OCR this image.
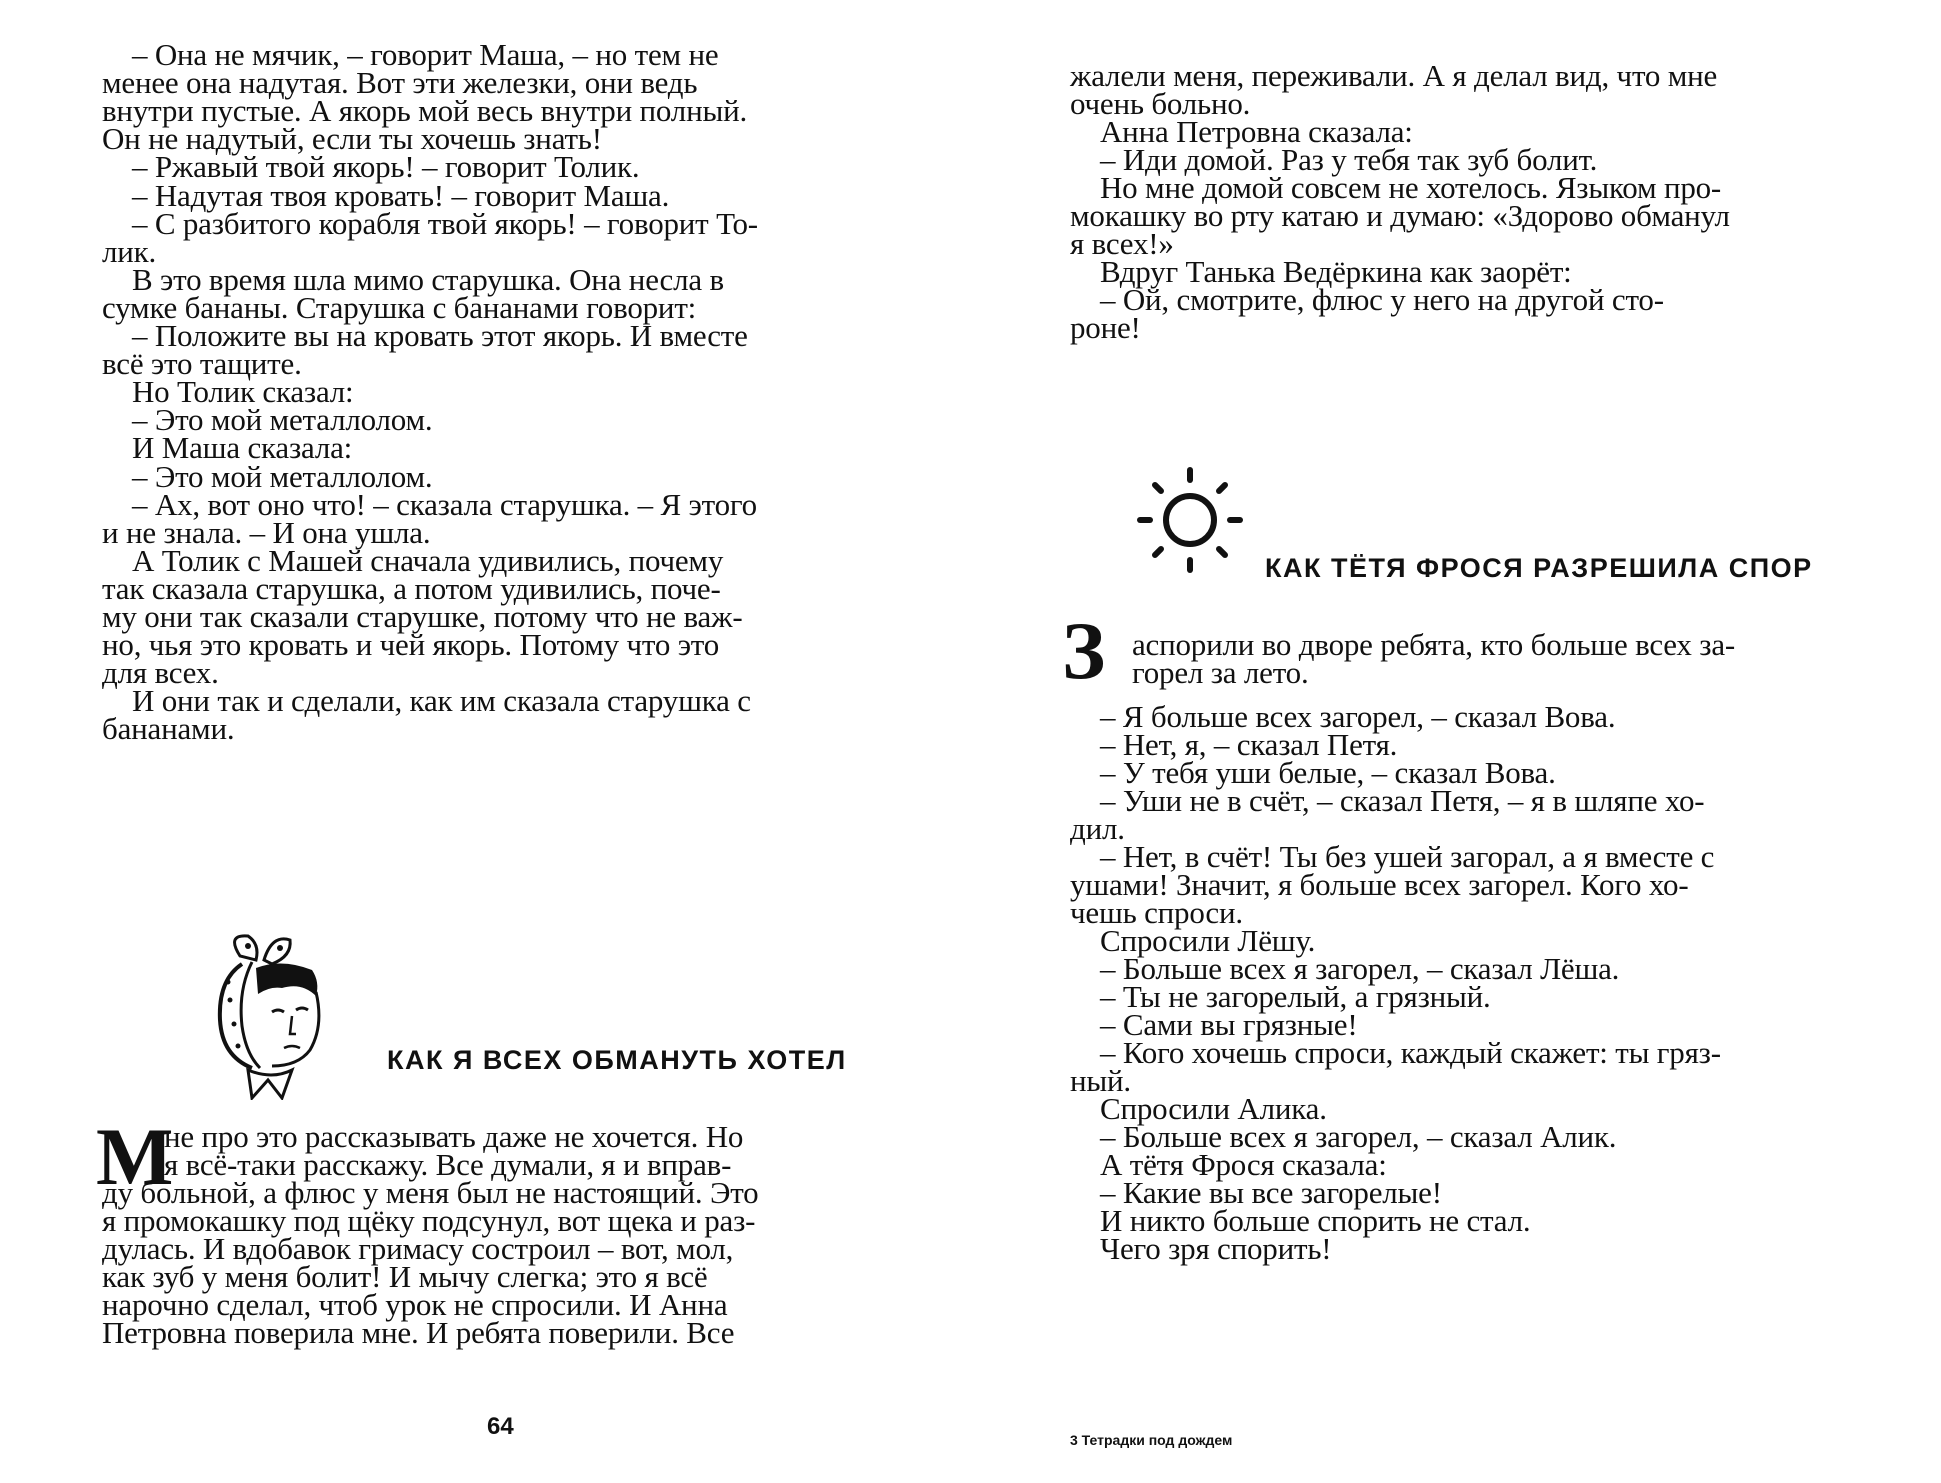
– Она не мячик, – говорит Маша, – но тем не
менее она надутая. Вот эти железки, они ведь
внутри пустые. А якорь мой весь внутри полный.
Он не надутый, если ты хочешь знать!
– Ржавый твой якорь! – говорит Толик.
– Надутая твоя кровать! – говорит Маша.
– С разбитого корабля твой якорь! – говорит То-
лик.
В это время шла мимо старушка. Она несла в
сумке бананы. Старушка с бананами говорит:
– Положите вы на кровать этот якорь. И вместе
всё это тащите.
Но Толик сказал:
– Это мой металлолом.
И Маша сказала:
– Это мой металлолом.
– Ах, вот оно что! – сказала старушка. – Я этого
и не знала. – И она ушла.
А Толик с Машей сначала удивились, почему
так сказала старушка, а потом удивились, поче-
му они так сказали старушке, потому что не важ-
но, чья это кровать и чей якорь. Потому что это
для всех.
И они так и сделали, как им сказала старушка с
бананами.
КАК Я ВСЕХ ОБМАНУТЬ ХОТЕЛ
М
не про это рассказывать даже не хочется. Но
я всё-таки расскажу. Все думали, я и вправ-
ду больной, а флюс у меня был не настоящий. Это
я промокашку под щёку подсунул, вот щека и раз-
дулась. И вдобавок гримасу состроил – вот, мол,
как зуб у меня болит! И мычу слегка; это я всё
нарочно сделал, чтоб урок не спросили. И Анна
Петровна поверила мне. И ребята поверили. Все
64
жалели меня, переживали. А я делал вид, что мне
очень больно.
Анна Петровна сказала:
– Иди домой. Раз у тебя так зуб болит.
Но мне домой совсем не хотелось. Языком про-
мокашку во рту катаю и думаю: «Здорово обманул
я всех!»
Вдруг Танька Ведёркина как заорёт:
– Ой, смотрите, флюс у него на другой сто-
роне!
КАК ТЁТЯ ФРОСЯ РАЗРЕШИЛА СПОР
З аспорили во дворе ребята, кто больше всех за-
горел за лето.
– Я больше всех загорел, – сказал Вова.
– Нет, я, – сказал Петя.
– У тебя уши белые, – сказал Вова.
– Уши не в счёт, – сказал Петя, – я в шляпе хо-
дил.
– Нет, в счёт! Ты без ушей загорал, а я вместе с
ушами! Значит, я больше всех загорел. Кого хо-
чешь спроси.
Спросили Лёшу.
– Больше всех я загорел, – сказал Лёша.
– Ты не загорелый, а грязный.
– Сами вы грязные!
– Кого хочешь спроси, каждый скажет: ты гряз-
ный.
Спросили Алика.
– Больше всех я загорел, – сказал Алик.
А тётя Фрося сказала:
– Какие вы все загорелые!
И никто больше спорить не стал.
Чего зря спорить!
3 Тетрадки под дождем
